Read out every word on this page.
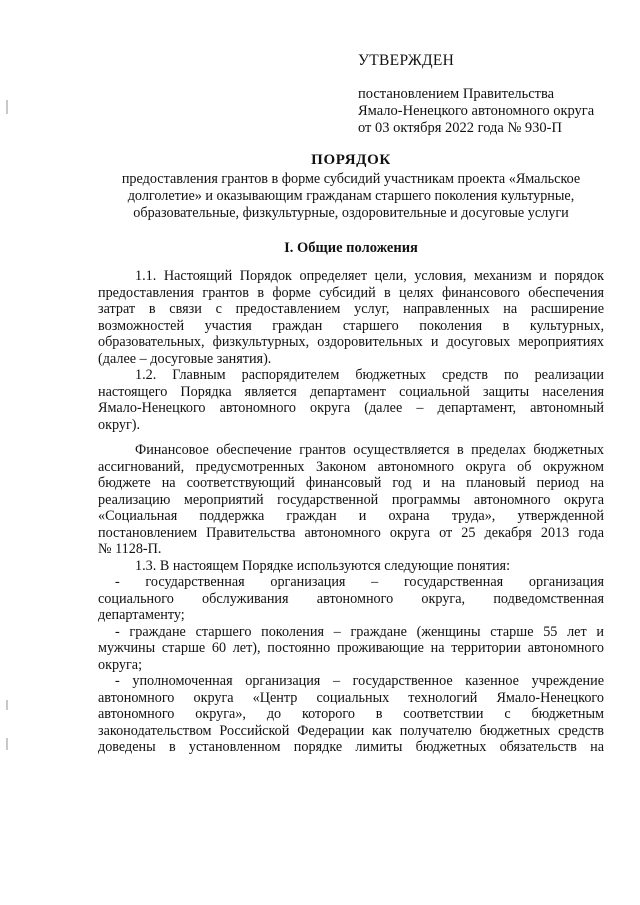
УТВЕРЖДЕН
постановлением Правительства
Ямало-Ненецкого автономного округа
от 03 октября 2022 года № 930-П
ПОРЯДОК
предоставления грантов в форме субсидий участникам проекта «Ямальское
долголетие» и оказывающим гражданам старшего поколения культурные,
образовательные, физкультурные, оздоровительные и досуговые услуги
I. Общие положения
1.1. Настоящий Порядок определяет цели, условия, механизм и порядок
предоставления грантов в форме субсидий в целях финансового обеспечения
затрат в связи с предоставлением услуг, направленных на расширение
возможностей участия граждан старшего поколения в культурных,
образовательных, физкультурных, оздоровительных и досуговых мероприятиях
(далее – досуговые занятия).
1.2. Главным распорядителем бюджетных средств по реализации
настоящего Порядка является департамент социальной защиты населения
Ямало-Ненецкого автономного округа (далее – департамент, автономный
округ).
Финансовое обеспечение грантов осуществляется в пределах бюджетных
ассигнований, предусмотренных Законом автономного округа об окружном
бюджете на соответствующий финансовый год и на плановый период на
реализацию мероприятий государственной программы автономного округа
«Социальная поддержка граждан и охрана труда», утвержденной
постановлением Правительства автономного округа от 25 декабря 2013 года
№ 1128-П.
1.3. В настоящем Порядке используются следующие понятия:
- государственная организация – государственная организация
социального обслуживания автономного округа, подведомственная
департаменту;
- граждане старшего поколения – граждане (женщины старше 55 лет и
мужчины старше 60 лет), постоянно проживающие на территории автономного
округа;
- уполномоченная организация – государственное казенное учреждение
автономного округа «Центр социальных технологий Ямало-Ненецкого
автономного округа», до которого в соответствии с бюджетным
законодательством Российской Федерации как получателю бюджетных средств
доведены в установленном порядке лимиты бюджетных обязательств на
